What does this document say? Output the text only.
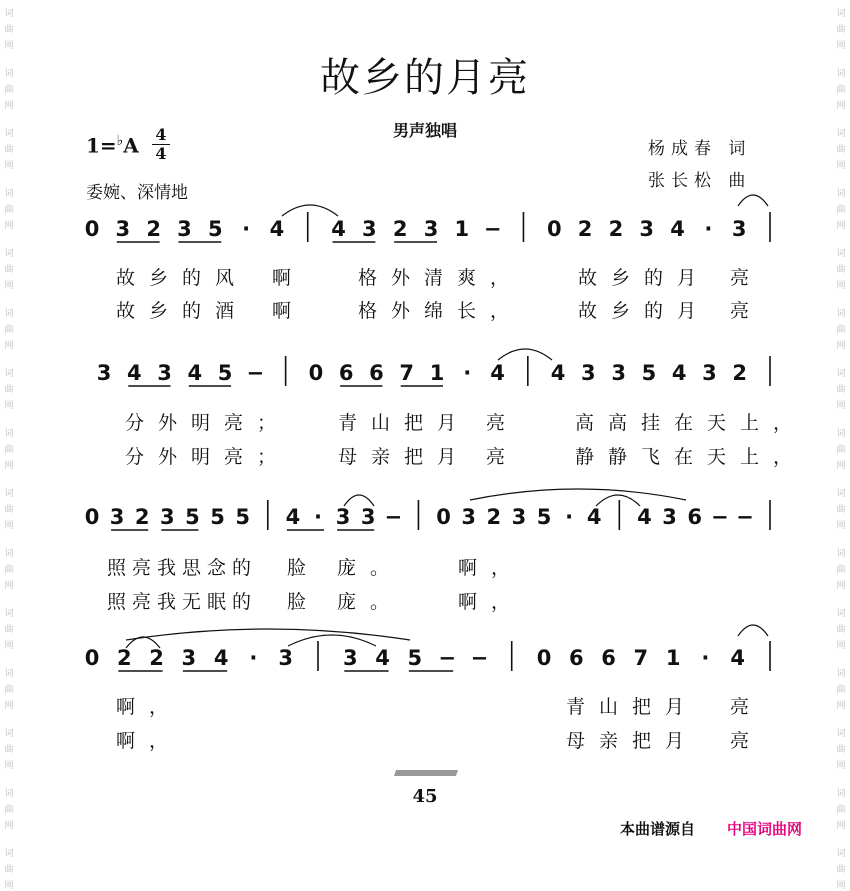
词
曲
网
词
曲
网
词
曲
网
词
曲
网
词
曲
网
词
曲
网
词
曲
网
词
曲
网
词
曲
网
词
曲
网
词
曲
网
词
曲
网
词
曲
网
词
曲
网
词
曲
网
词
曲
网
词
曲
网
词
曲
网
词
曲
网
词
曲
网
词
曲
网
词
曲
网
词
曲
网
词
曲
网
词
曲
网
词
曲
网
词
曲
网
词
曲
网
词
曲
网
词
曲
网
故乡的月亮
男声独唱
1=♭A 4
4
委婉、深情地
杨成春 词
张长松 曲
0 3 2 3 5 · 4 4 3 2 3 1 − 0 2 2 3 4 · 3
3 4 3 4 5 − 0 6 6 7 1 · 4 4 3 3 5 4 3 2
0 3 2 3 5 5 5 4 · 3 3 − 0 3 2 3 5 · 4 4 3 6 − −
0 2 2 3 4 · 3 3 4 5 − − 0 6 6 7 1 · 4
故乡的风 啊	格外清爽，	故乡的月 亮
故乡的酒 啊	格外绵长，	故乡的月 亮
分外明亮；	青山把月 亮	高高挂在天上，
分外明亮；	母亲把月 亮	静静飞在天上，
照亮我思念的 脸 庞。	啊，
照亮我无眠的 脸 庞。	啊，
啊，	青山把月 亮
啊，	母亲把月 亮
45
本曲谱源自 中国词曲网
